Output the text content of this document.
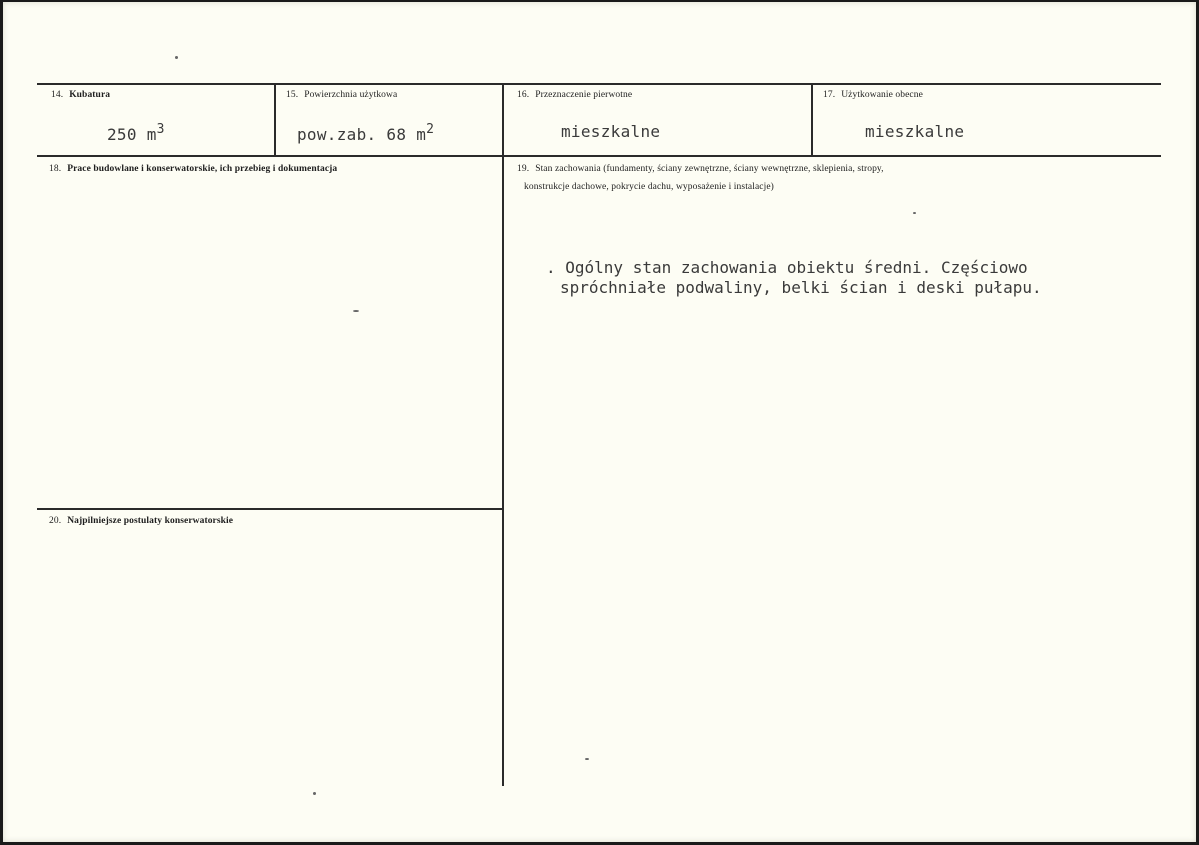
14. Kubatura
250 $m^3$
15. Powierzchnia użytkowa
pow.zab. 68 $m^2$
16. Przeznaczenie pierwotne
mieszkalne
17. Użytkowanie obecne
mieszkalne
18. Prace budowlane i konserwatorskie, ich przebieg i dokumentacja	19. Stan zachowania (fundamenty, ściany zewnętrzne, ściany wewnętrzne, sklepienia, stropy,
konstrukcje dachowe, pokrycie dachu, wyposażenie i instalacje)
. Ogólny stan zachowania obiektu średni. Częściowo
spróchniałe podwaliny, belki ścian i deski pułapu.
20. Najpilniejsze postulaty konserwatorskie
